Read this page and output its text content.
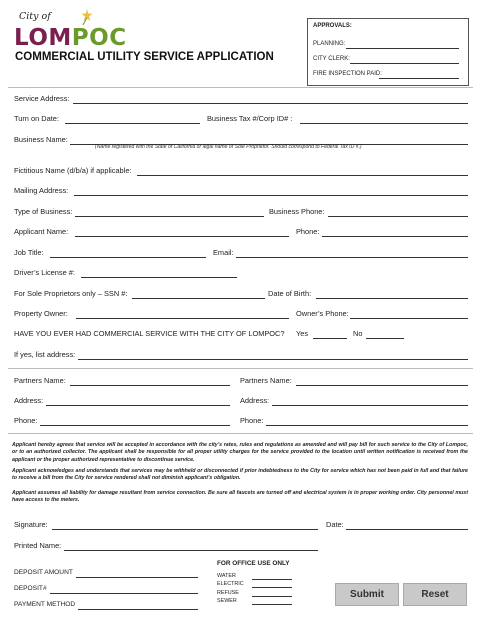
City of
LOMPOC
COMMERCIAL UTILITY SERVICE APPLICATION
APPROVALS:
PLANNING:
CITY CLERK:
FIRE INSPECTION PAID:
Service Address:
Turn on Date:	Business Tax #/Corp ID# :
Business Name:
(Name registered with the State of California or legal name of Sole Proprietor. Should correspond to Federal Tax ID #.)
Fictitious Name (d/b/a) if applicable:
Mailing Address:
Type of Business:	Business Phone:
Applicant Name:	Phone:
Job Title:	Email:
Driver’s License #:
For Sole Proprietors only – SSN #:	Date of Birth:
Property Owner:	Owner’s Phone:
HAVE YOU EVER HAD COMMERCIAL SERVICE WITH THE CITY OF LOMPOC? Yes	No
If yes, list address:
Partners Name:	Partners Name:
Address:	Address:
Phone:	Phone:
Applicant hereby agrees that service will be accepted in accordance with the city’s rates, rules and regulations as amended and will pay bill for such service to the City of Lompoc, or to an authorized collector. The applicant shall be responsible for all proper utility charges for the service provided to the location until written notification is received from the applicant or the proper authorized representative to discontinue service.
Applicant acknowledges and understands that services may be withheld or disconnected if prior indebtedness to the City for service which has not been paid in full and that failure to receive a bill from the City for service rendered shall not diminish applicant’s obligation.
Applicant assumes all liability for damage resultant from service connection. Be sure all faucets are turned off and electrical system is in proper working order. City personnel must have access to the meters.
Signature:	Date:
Printed Name:
FOR OFFICE USE ONLY
DEPOSIT AMOUNT
DEPOSIT#
PAYMENT METHOD
WATER
ELECTRIC
REFUSE
SEWER
Submit	Reset
